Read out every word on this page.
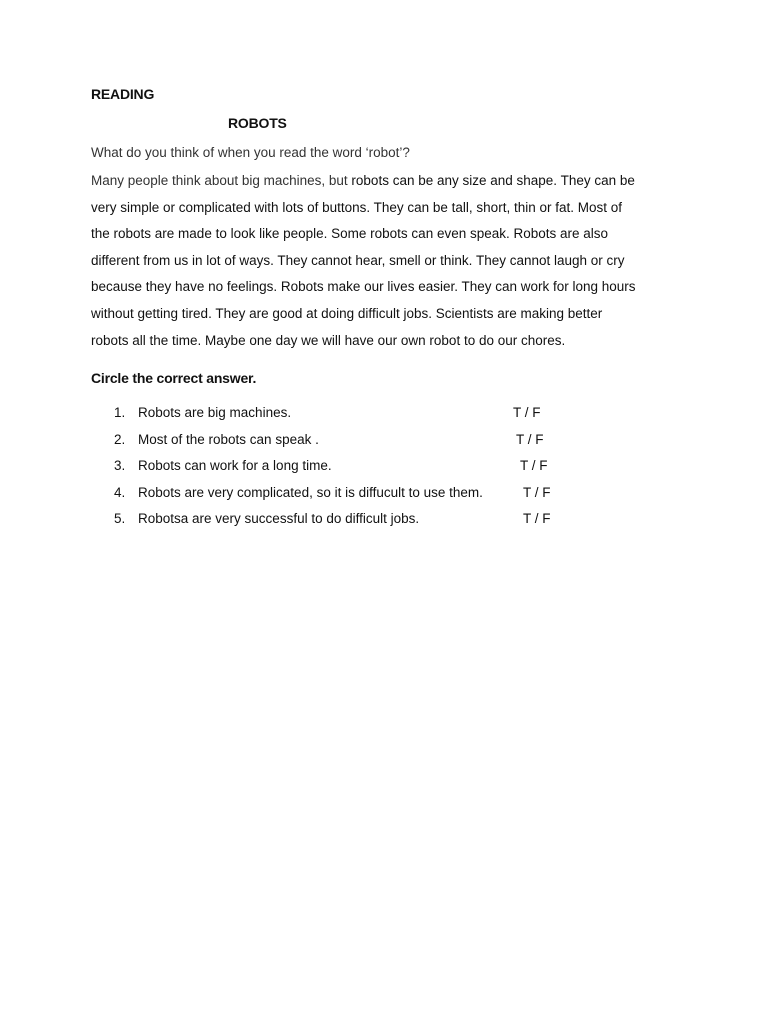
READING
ROBOTS
What do you think of when you read the word ‘robot’?
Many people think about big machines, but robots can be any size and shape. They can be
very simple or complicated with lots of buttons. They can be tall, short, thin or fat. Most of
the robots are made to look like people. Some robots can even speak. Robots are also
different from us in lot of ways. They cannot hear, smell or think. They cannot laugh or cry
because they have no feelings. Robots make our lives easier. They can work for long hours
without getting tired. They are good at doing difficult jobs. Scientists are making better
robots all the time. Maybe one day we will have our own robot to do our chores.
Circle the correct answer.
1. Robots are big machines.	T / F
2. Most of the robots can speak .	T / F
3. Robots can work for a long time.	T / F
4. Robots are very complicated, so it is diffucult to use them.	T / F
5. Robotsa are very successful to do difficult jobs.	T / F
